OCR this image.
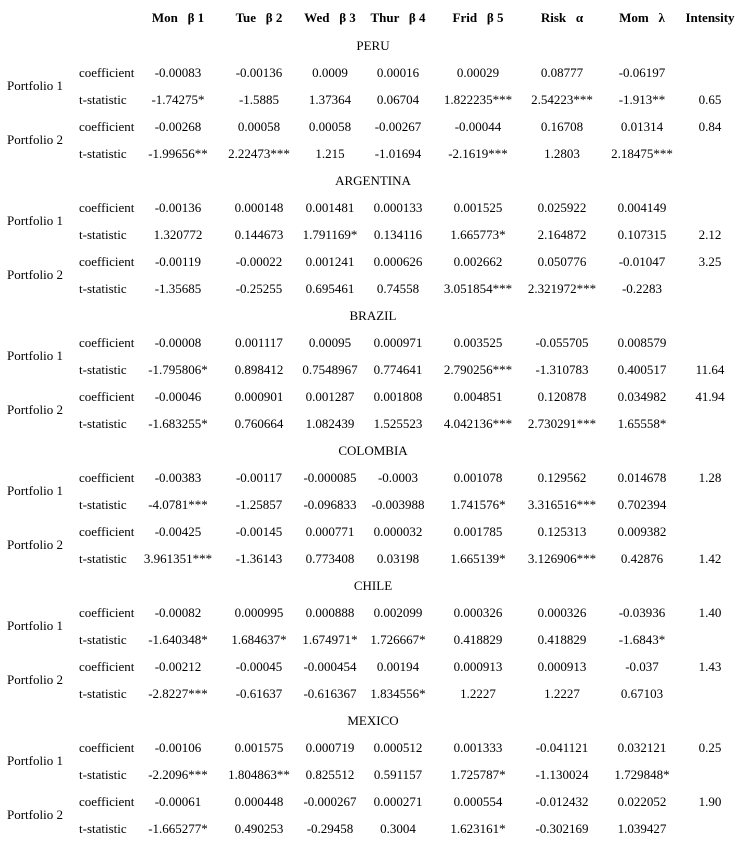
Mon   β 1	Tue   β 2	Wed   β 3	Thur   β 4	Frid   β 5	Risk   α	Mom   λ	Intensity
PERU
Portfolio 1
coefficient	-0.00083	-0.00136	0.0009	0.00016	0.00029	0.08777	-0.06197
t-statistic	-1.74275*	-1.5885	1.37364	0.06704	1.822235***	2.54223***	-1.913**	0.65
Portfolio 2
coefficient	-0.00268	0.00058	0.00058	-0.00267	-0.00044	0.16708	0.01314	0.84
t-statistic	-1.99656**	2.22473***	1.215	-1.01694	-2.1619***	1.2803	2.18475***
ARGENTINA
Portfolio 1
coefficient	-0.00136	0.000148	0.001481	0.000133	0.001525	0.025922	0.004149
t-statistic	1.320772	0.144673	1.791169*	0.134116	1.665773*	2.164872	0.107315	2.12
Portfolio 2
coefficient	-0.00119	-0.00022	0.001241	0.000626	0.002662	0.050776	-0.01047	3.25
t-statistic	-1.35685	-0.25255	0.695461	0.74558	3.051854***	2.321972***	-0.2283
BRAZIL
Portfolio 1
coefficient	-0.00008	0.001117	0.00095	0.000971	0.003525	-0.055705	0.008579
t-statistic	-1.795806*	0.898412	0.7548967	0.774641	2.790256***	-1.310783	0.400517	11.64
Portfolio 2
coefficient	-0.00046	0.000901	0.001287	0.001808	0.004851	0.120878	0.034982	41.94
t-statistic	-1.683255*	0.760664	1.082439	1.525523	4.042136***	2.730291***	1.65558*
COLOMBIA
Portfolio 1
coefficient	-0.00383	-0.00117	-0.000085	-0.0003	0.001078	0.129562	0.014678	1.28
t-statistic	-4.0781***	-1.25857	-0.096833	-0.003988	1.741576*	3.316516***	0.702394
Portfolio 2
coefficient	-0.00425	-0.00145	0.000771	0.000032	0.001785	0.125313	0.009382
t-statistic	3.961351***	-1.36143	0.773408	0.03198	1.665139*	3.126906***	0.42876	1.42
CHILE
Portfolio 1
coefficient	-0.00082	0.000995	0.000888	0.002099	0.000326	0.000326	-0.03936	1.40
t-statistic	-1.640348*	1.684637*	1.674971* 1.726667*	0.418829	0.418829	-1.6843*
Portfolio 2
coefficient	-0.00212	-0.00045	-0.000454	0.00194	0.000913	0.000913	-0.037	1.43
t-statistic	-2.8227***	-0.61637	-0.616367	1.834556*	1.2227	1.2227	0.67103
MEXICO
Portfolio 1
coefficient	-0.00106	0.001575	0.000719	0.000512	0.001333	-0.041121	0.032121	0.25
t-statistic	-2.2096***	1.804863**	0.825512	0.591157	1.725787*	-1.130024	1.729848*
Portfolio 2
coefficient	-0.00061	0.000448	-0.000267	0.000271	0.000554	-0.012432	0.022052	1.90
t-statistic	-1.665277*	0.490253	-0.29458	0.3004	1.623161*	-0.302169	1.039427
